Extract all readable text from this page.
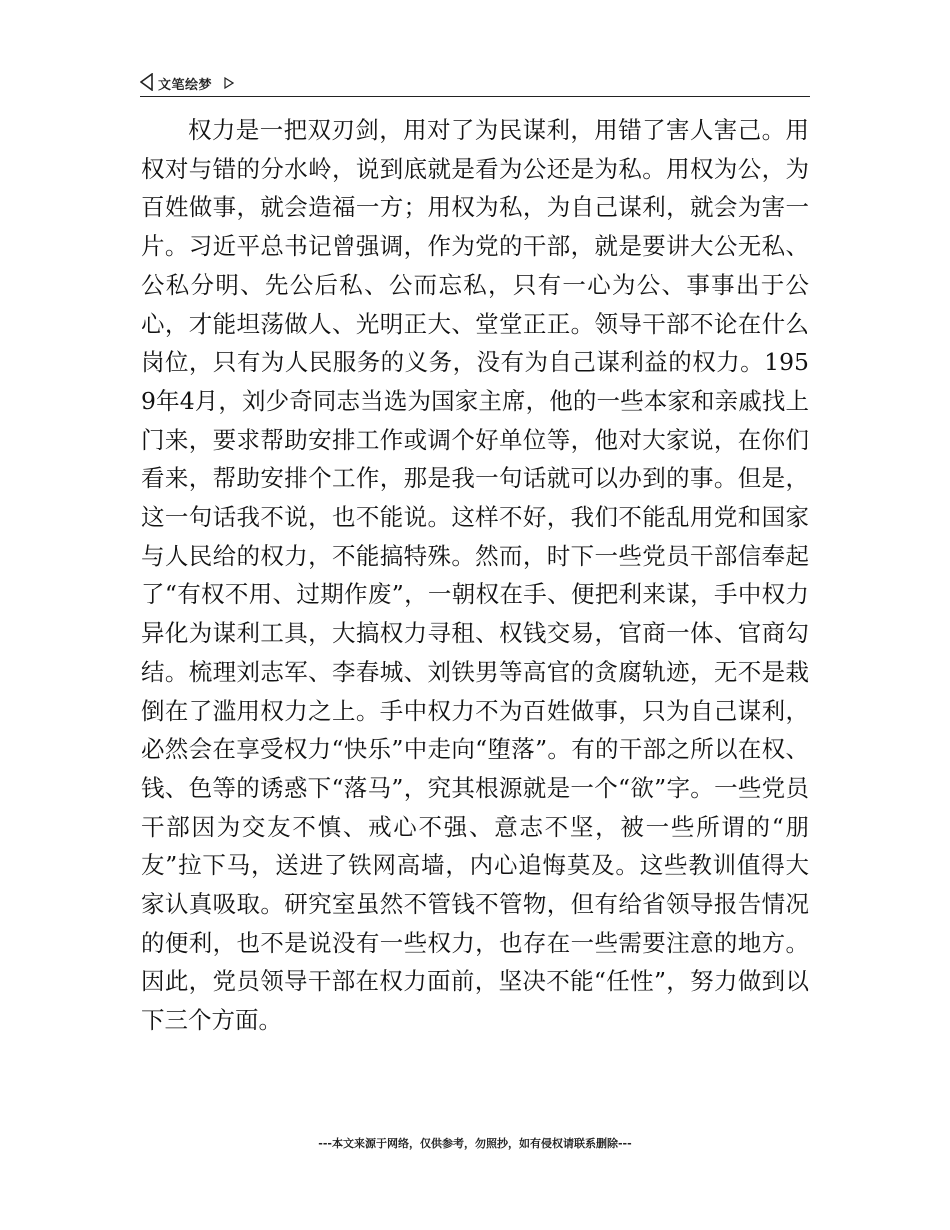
文笔绘梦

权力是一把双刃剑，用对了为民谋利，用错了害人害己。用权对与错的分水岭，说到底就是看为公还是为私。用权为公，为百姓做事，就会造福一方；用权为私，为自己谋利，就会为害一片。习近平总书记曾强调，作为党的干部，就是要讲大公无私、公私分明、先公后私、公而忘私，只有一心为公、事事出于公心，才能坦荡做人、光明正大、堂堂正正。领导干部不论在什么岗位，只有为人民服务的义务，没有为自己谋利益的权力。1959年4月，刘少奇同志当选为国家主席，他的一些本家和亲戚找上门来，要求帮助安排工作或调个好单位等，他对大家说，在你们看来，帮助安排个工作，那是我一句话就可以办到的事。但是，这一句话我不说，也不能说。这样不好，我们不能乱用党和国家与人民给的权力，不能搞特殊。然而，时下一些党员干部信奉起了“有权不用、过期作废”，一朝权在手、便把利来谋，手中权力异化为谋利工具，大搞权力寻租、权钱交易，官商一体、官商勾结。梳理刘志军、李春城、刘铁男等高官的贪腐轨迹，无不是栽倒在了滥用权力之上。手中权力不为百姓做事，只为自己谋利，必然会在享受权力“快乐”中走向“堕落”。有的干部之所以在权、钱、色等的诱惑下“落马”，究其根源就是一个“欲”字。一些党员干部因为交友不慎、戒心不强、意志不坚，被一些所谓的“朋友”拉下马，送进了铁网高墙，内心追悔莫及。这些教训值得大家认真吸取。研究室虽然不管钱不管物，但有给省领导报告情况的便利，也不是说没有一些权力，也存在一些需要注意的地方。因此，党员领导干部在权力面前，坚决不能“任性”，努力做到以下三个方面。

---本文来源于网络，仅供参考，勿照抄，如有侵权请联系删除---
